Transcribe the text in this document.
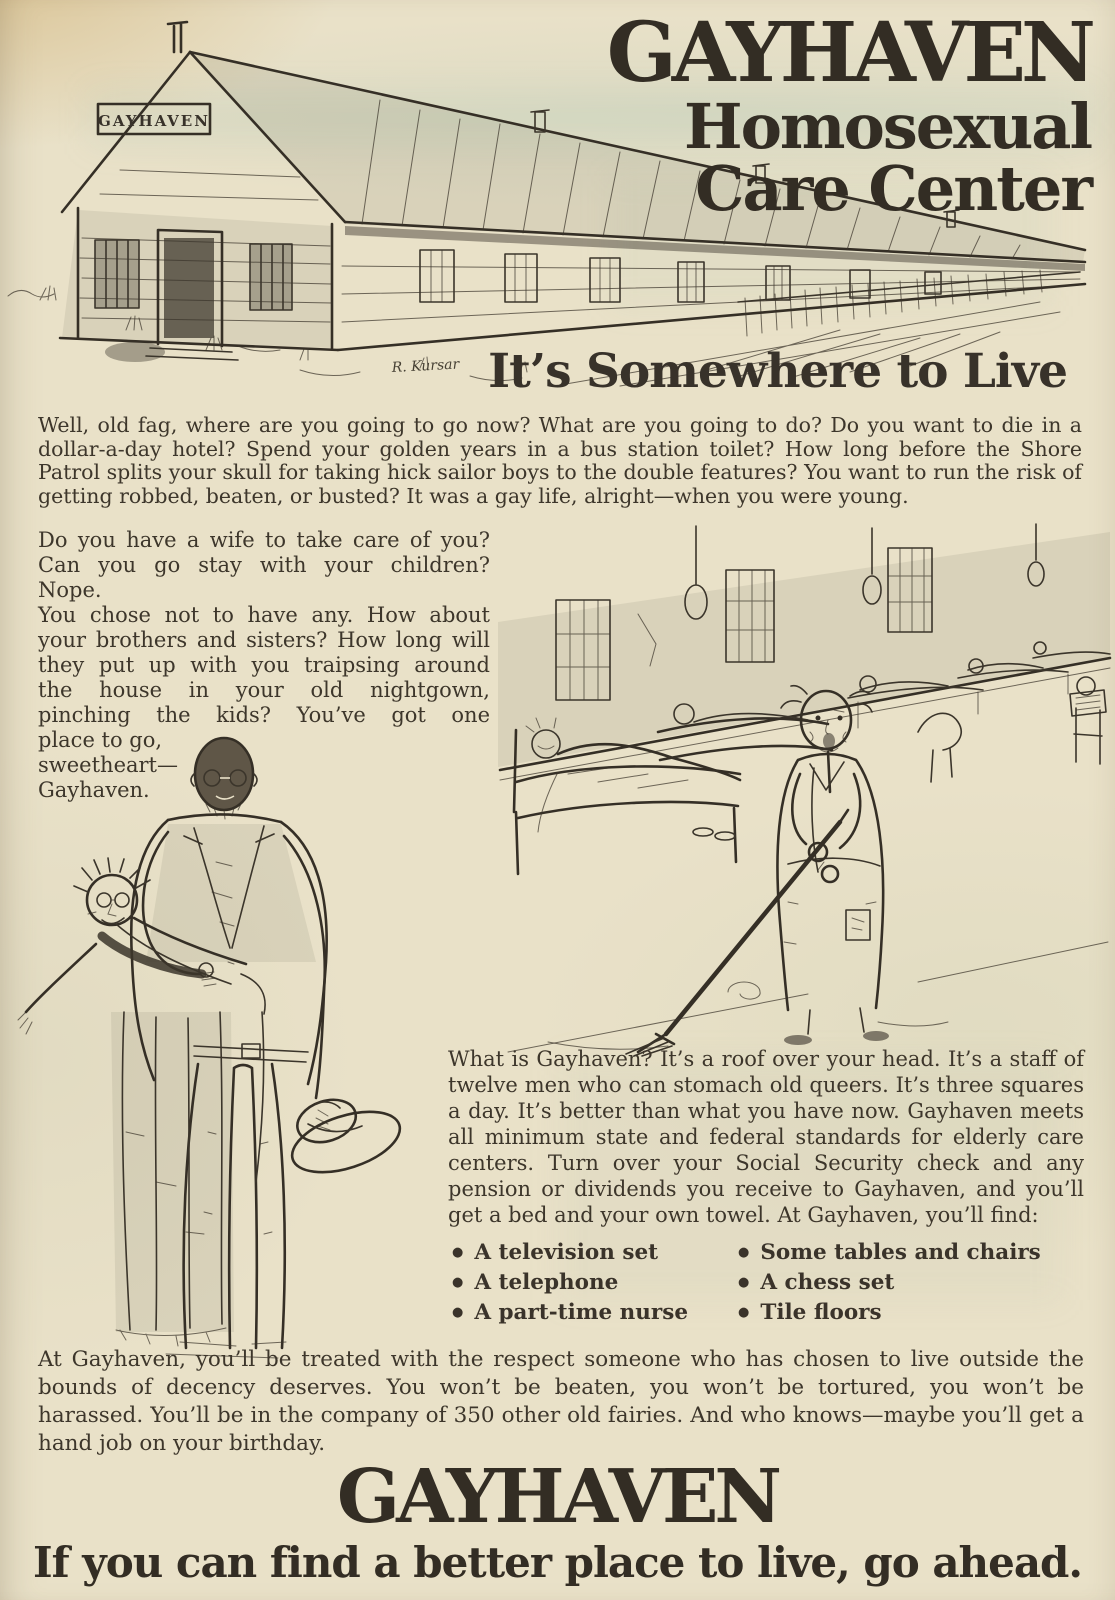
GAYHAVEN
R. Kursar
GAYHAVEN
Homosexual
Care Center
It’s Somewhere to Live

Well, old fag, where are you going to go now? What are you going to do? Do you want to die in a dollar-a-day hotel? Spend your golden years in a bus station toilet? How long before the Shore Patrol splits your skull for taking hick sailor boys to the double features? You want to run the risk of getting robbed, beaten, or busted? It was a gay life, alright—when you were young.

Do you have a wife to take care of you?
Can you go stay with your children? Nope.
You chose not to have any. How about
your brothers and sisters? How long will
they put up with you traipsing around
the house in your old nightgown,
pinching the kids? You’ve got one
place to go,
sweetheart—
Gayhaven.

What is Gayhaven? It’s a roof over your head. It’s a staff of twelve men who can stomach old queers. It’s three squares a day. It’s better than what you have now. Gayhaven meets all minimum state and federal standards for elderly care centers. Turn over your Social Security check and any pension or dividends you receive to Gayhaven, and you’ll get a bed and your own towel. At Gayhaven, you’ll find:

● A television set
● A telephone
● A part-time nurse
● Some tables and chairs
● A chess set
● Tile floors

At Gayhaven, you’ll be treated with the respect someone who has chosen to live outside the bounds of decency deserves. You won’t be beaten, you won’t be tortured, you won’t be harassed. You’ll be in the company of 350 other old fairies. And who knows—maybe you’ll get a hand job on your birthday.

GAYHAVEN
If you can find a better place to live, go ahead.
